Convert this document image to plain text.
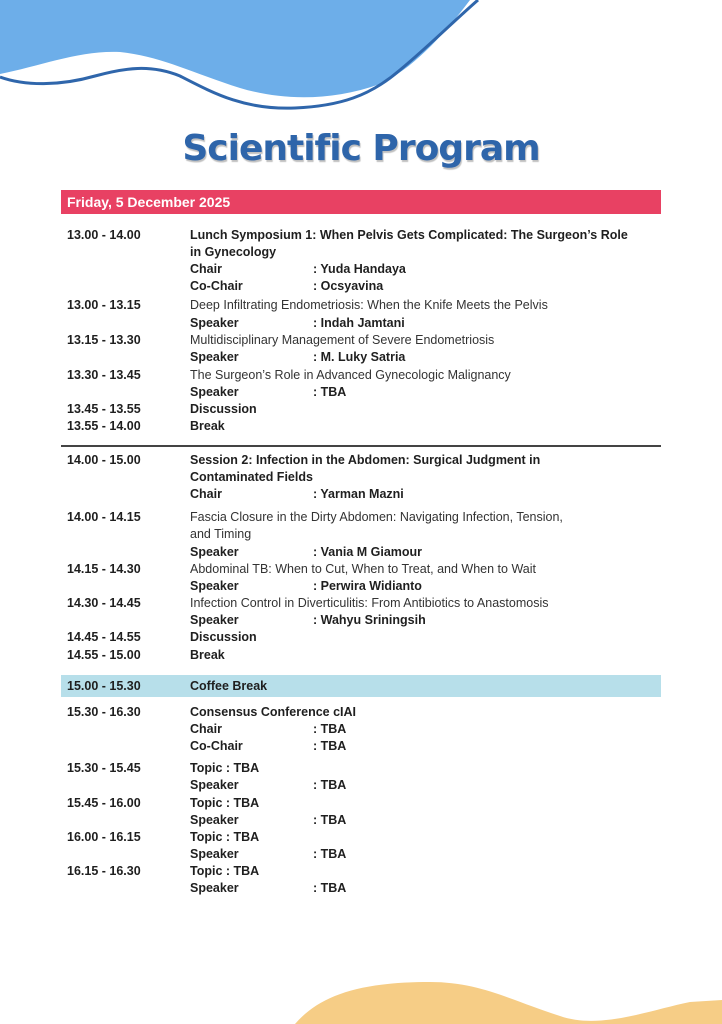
Scientific Program
Friday, 5 December 2025
13.00 - 14.00	Lunch Symposium 1: When Pelvis Gets Complicated: The Surgeon’s Role
in Gynecology
Chair	: Yuda Handaya
Co-Chair	: Ocsyavina
13.00 - 13.15	Deep Infiltrating Endometriosis: When the Knife Meets the Pelvis
Speaker	: Indah Jamtani
13.15 - 13.30	Multidisciplinary Management of Severe Endometriosis
Speaker	: M. Luky Satria
13.30 - 13.45	The Surgeon’s Role in Advanced Gynecologic Malignancy
Speaker	: TBA
13.45 - 13.55	Discussion
13.55 - 14.00	Break
14.00 - 15.00	Session 2: Infection in the Abdomen: Surgical Judgment in
Contaminated Fields
Chair	: Yarman Mazni
14.00 - 14.15	Fascia Closure in the Dirty Abdomen: Navigating Infection, Tension,
and Timing
Speaker	: Vania M Giamour
14.15 - 14.30	Abdominal TB: When to Cut, When to Treat, and When to Wait
Speaker	: Perwira Widianto
14.30 - 14.45	Infection Control in Diverticulitis: From Antibiotics to Anastomosis
Speaker	: Wahyu Sriningsih
14.45 - 14.55	Discussion
14.55 - 15.00	Break
15.00 - 15.30	Coffee Break
15.30 - 16.30	Consensus Conference cIAI
Chair	: TBA
Co-Chair	: TBA
15.30 - 15.45	Topic : TBA
Speaker	: TBA
15.45 - 16.00	Topic : TBA
Speaker	: TBA
16.00 - 16.15	Topic : TBA
Speaker	: TBA
16.15 - 16.30	Topic : TBA
Speaker	: TBA
